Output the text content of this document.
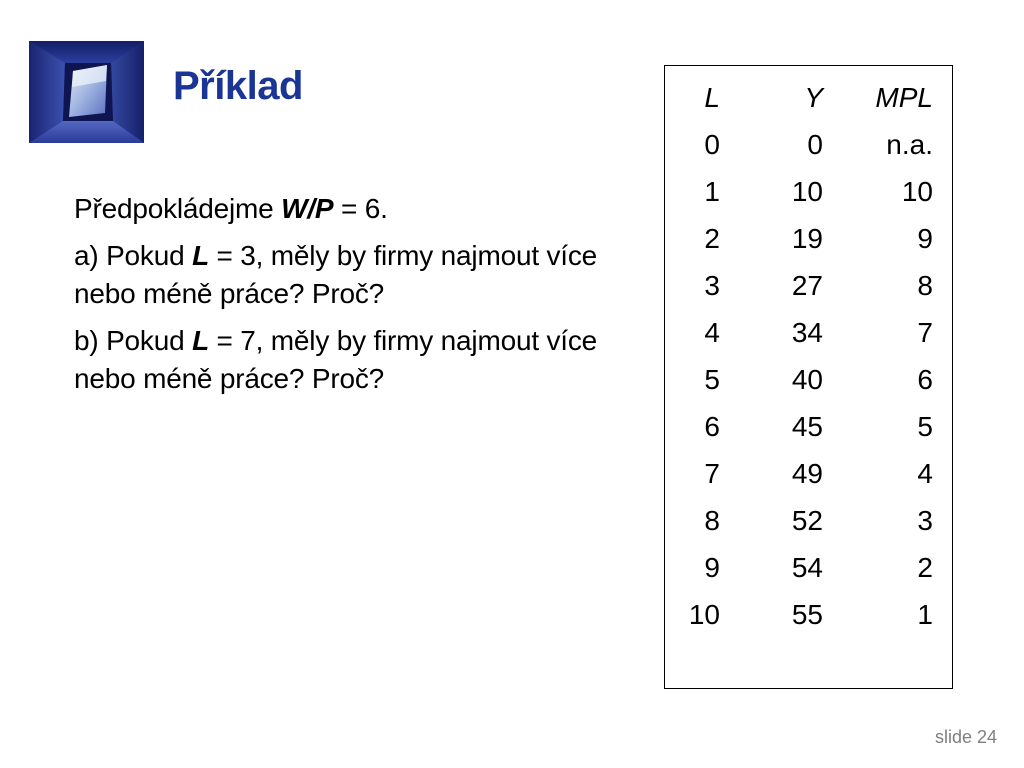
Příklad

Předpokládejme W/P = 6.

a) Pokud L = 3, měly by firmy najmout více nebo méně práce? Proč?

b) Pokud L = 7, měly by firmy najmout více nebo méně práce? Proč?

L	Y	MPL
0	0	n.a.
1	10	10
2	19	9
3	27	8
4	34	7
5	40	6
6	45	5
7	49	4
8	52	3
9	54	2
10	55	1
slide 24
